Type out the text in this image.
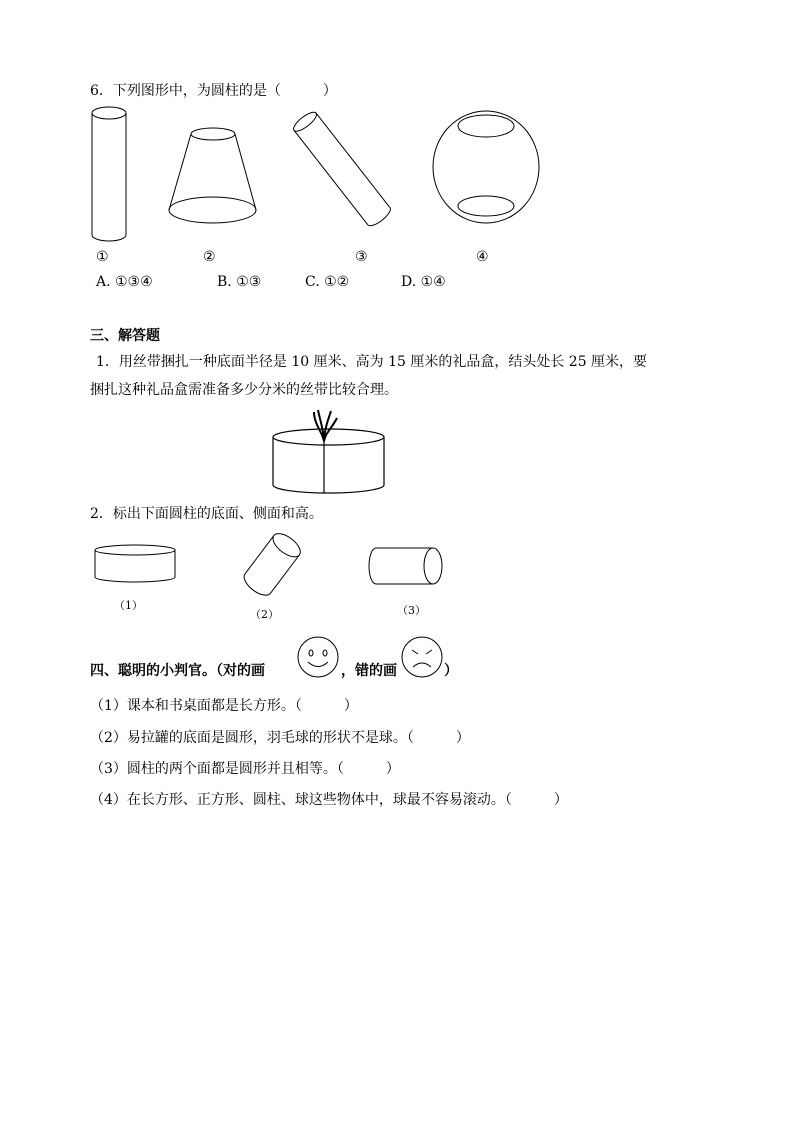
6．下列图形中，为圆柱的是（　　　）
①	②	③	④
A. ①③④	B. ①③	C. ①②	D. ①④
三、解答题
1．用丝带捆扎一种底面半径是 10 厘米、高为 15 厘米的礼品盒，结头处长 25 厘米，要
捆扎这种礼品盒需准备多少分米的丝带比较合理。
2．标出下面圆柱的底面、侧面和高。
（1）
（2）	（3）
四、聪明的小判官。（对的画	，错的画	）
（1）课本和书桌面都是长方形。（　　　）
（2）易拉罐的底面是圆形，羽毛球的形状不是球。（　　　）
（3）圆柱的两个面都是圆形并且相等。（　　　）
（4）在长方形、正方形、圆柱、球这些物体中，球最不容易滚动。（　　　）
